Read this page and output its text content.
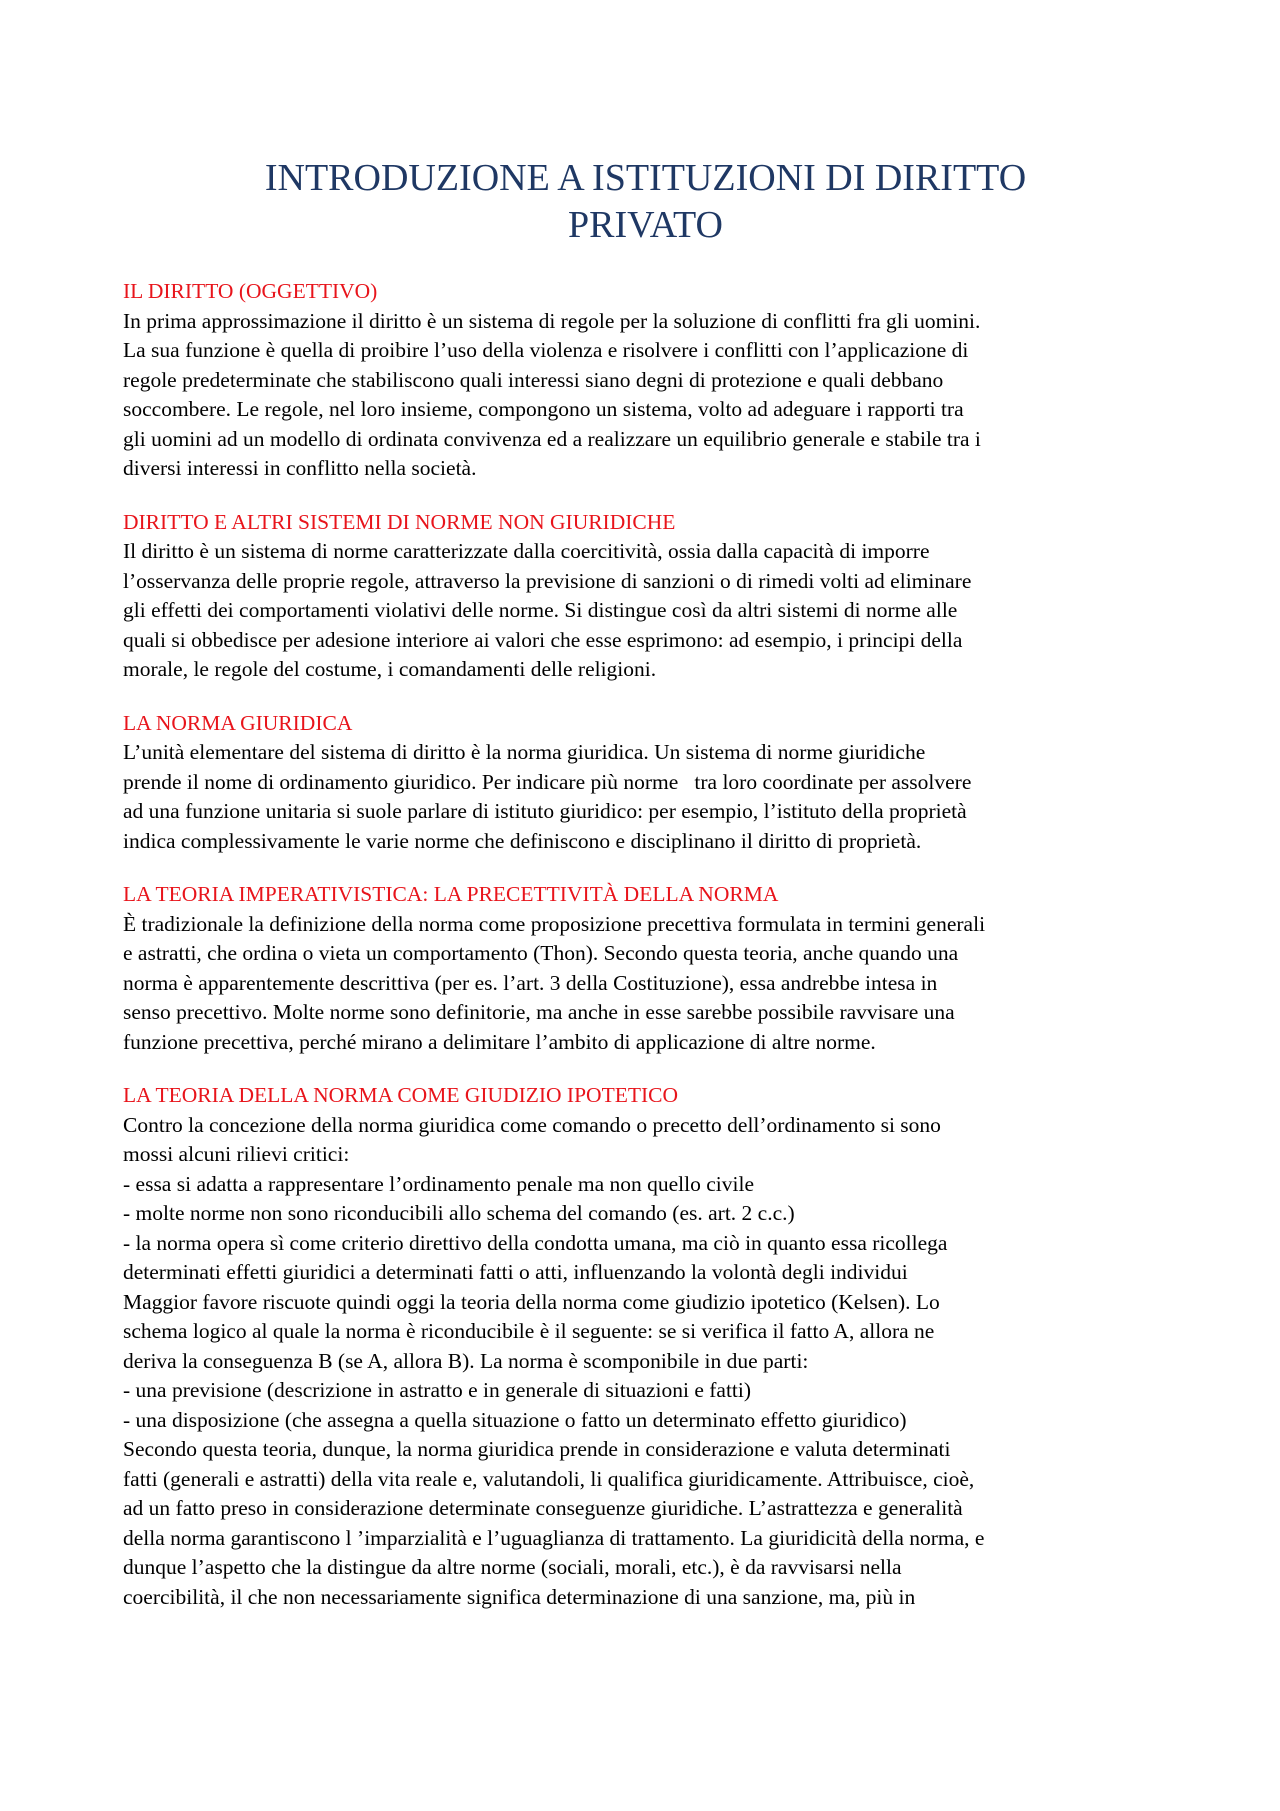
INTRODUZIONE A ISTITUZIONI DI DIRITTO
PRIVATO
IL DIRITTO (OGGETTIVO)

In prima approssimazione il diritto è un sistema di regole per la soluzione di conflitti fra gli uomini.
La sua funzione è quella di proibire l’uso della violenza e risolvere i conflitti con l’applicazione di
regole predeterminate che stabiliscono quali interessi siano degni di protezione e quali debbano
soccombere. Le regole, nel loro insieme, compongono un sistema, volto ad adeguare i rapporti tra
gli uomini ad un modello di ordinata convivenza ed a realizzare un equilibrio generale e stabile tra i
diversi interessi in conflitto nella società.

DIRITTO E ALTRI SISTEMI DI NORME NON GIURIDICHE

Il diritto è un sistema di norme caratterizzate dalla coercitività, ossia dalla capacità di imporre
l’osservanza delle proprie regole, attraverso la previsione di sanzioni o di rimedi volti ad eliminare
gli effetti dei comportamenti violativi delle norme. Si distingue così da altri sistemi di norme alle
quali si obbedisce per adesione interiore ai valori che esse esprimono: ad esempio, i principi della
morale, le regole del costume, i comandamenti delle religioni.

LA NORMA GIURIDICA

L’unità elementare del sistema di diritto è la norma giuridica. Un sistema di norme giuridiche
prende il nome di ordinamento giuridico. Per indicare più norme   tra loro coordinate per assolvere
ad una funzione unitaria si suole parlare di istituto giuridico: per esempio, l’istituto della proprietà
indica complessivamente le varie norme che definiscono e disciplinano il diritto di proprietà.

LA TEORIA IMPERATIVISTICA: LA PRECETTIVITÀ DELLA NORMA

È tradizionale la definizione della norma come proposizione precettiva formulata in termini generali
e astratti, che ordina o vieta un comportamento (Thon). Secondo questa teoria, anche quando una
norma è apparentemente descrittiva (per es. l’art. 3 della Costituzione), essa andrebbe intesa in
senso precettivo. Molte norme sono definitorie, ma anche in esse sarebbe possibile ravvisare una
funzione precettiva, perché mirano a delimitare l’ambito di applicazione di altre norme.

LA TEORIA DELLA NORMA COME GIUDIZIO IPOTETICO

Contro la concezione della norma giuridica come comando o precetto dell’ordinamento si sono
mossi alcuni rilievi critici:
- essa si adatta a rappresentare l’ordinamento penale ma non quello civile
- molte norme non sono riconducibili allo schema del comando (es. art. 2 c.c.)
- la norma opera sì come criterio direttivo della condotta umana, ma ciò in quanto essa ricollega
determinati effetti giuridici a determinati fatti o atti, influenzando la volontà degli individui
Maggior favore riscuote quindi oggi la teoria della norma come giudizio ipotetico (Kelsen). Lo
schema logico al quale la norma è riconducibile è il seguente: se si verifica il fatto A, allora ne
deriva la conseguenza B (se A, allora B). La norma è scomponibile in due parti:
- una previsione (descrizione in astratto e in generale di situazioni e fatti)
- una disposizione (che assegna a quella situazione o fatto un determinato effetto giuridico)
Secondo questa teoria, dunque, la norma giuridica prende in considerazione e valuta determinati
fatti (generali e astratti) della vita reale e, valutandoli, li qualifica giuridicamente. Attribuisce, cioè,
ad un fatto preso in considerazione determinate conseguenze giuridiche. L’astrattezza e generalità
della norma garantiscono l ’imparzialità e l’uguaglianza di trattamento. La giuridicità della norma, e
dunque l’aspetto che la distingue da altre norme (sociali, morali, etc.), è da ravvisarsi nella
coercibilità, il che non necessariamente significa determinazione di una sanzione, ma, più in
